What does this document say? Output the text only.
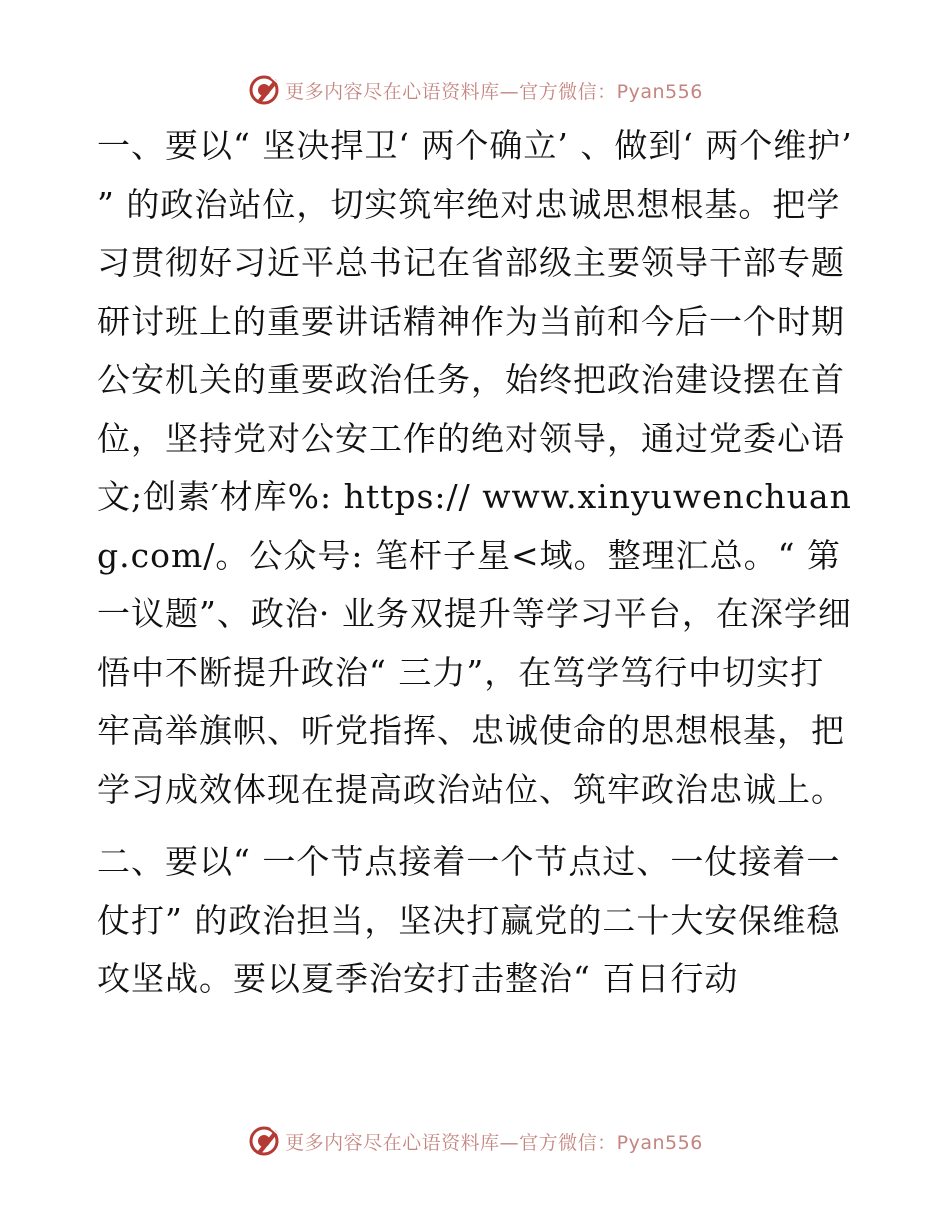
更多内容尽在心语资料库—官方微信：Pyan556

一、要以“ 坚决捍卫‘ 两个确立’ 、做到‘ 两个维护’ ” 的政治站位，切实筑牢绝对忠诚思想根基。把学习贯彻好习近平总书记在省部级主要领导干部专题研讨班上的重要讲话精神作为当前和今后一个时期公安机关的重要政治任务，始终把政治建设摆在首位，坚持党对公安工作的绝对领导，通过党委心语文;创素′材库%: https:// www.xinyuwenchuang.com/。公众号: 笔杆子星<域。整理汇总。“ 第一议题”、政治· 业务双提升等学习平台，在深学细悟中不断提升政治“ 三力”，在笃学笃行中切实打牢高举旗帜、听党指挥、忠诚使命的思想根基，把学习成效体现在提高政治站位、筑牢政治忠诚上。

二、要以“ 一个节点接着一个节点过、一仗接着一仗打” 的政治担当，坚决打赢党的二十大安保维稳攻坚战。要以夏季治安打击整治“ 百日行动

更多内容尽在心语资料库—官方微信：Pyan556
